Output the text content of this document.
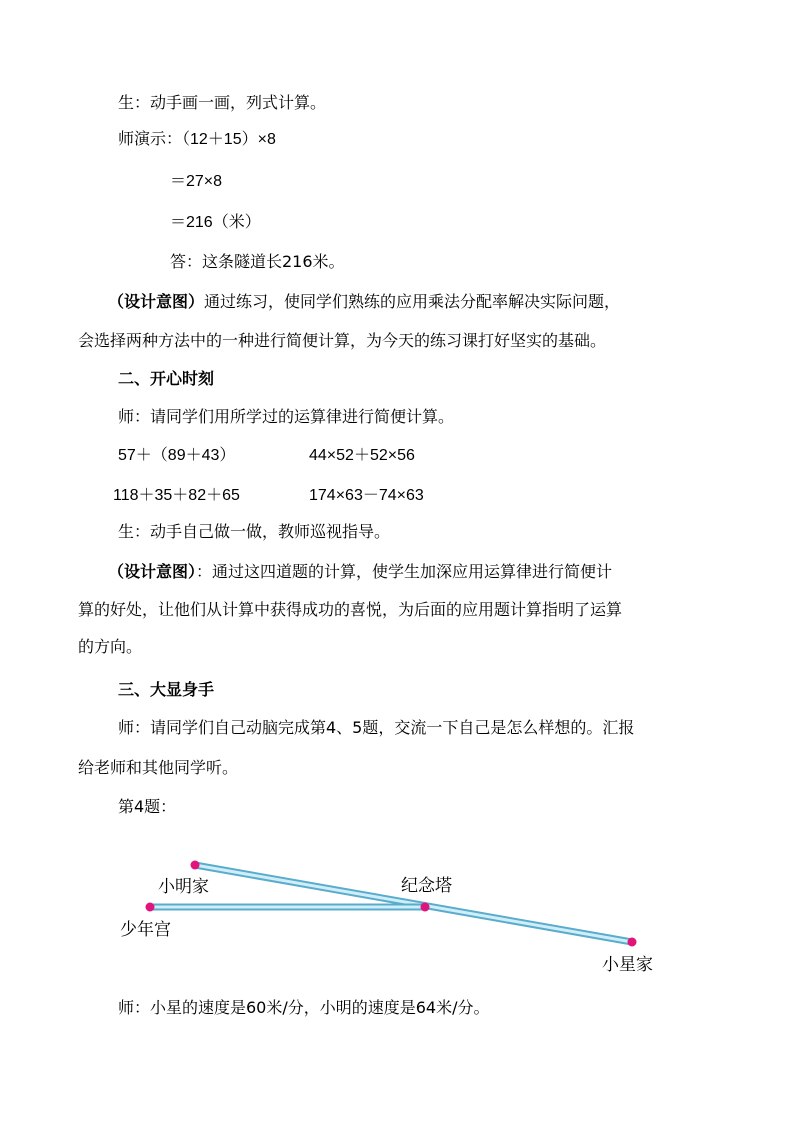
生：动手画一画，列式计算。
师演示：（12＋15）×8
＝27×8
＝216（米）
答：这条隧道长216米。
（设计意图）通过练习，使同学们熟练的应用乘法分配率解决实际问题，
会选择两种方法中的一种进行简便计算，为今天的练习课打好坚实的基础。
二、开心时刻
师：请同学们用所学过的运算律进行简便计算。
57＋（89＋43）	44×52＋52×56
118＋35＋82＋65	174×63－74×63
生：动手自己做一做，教师巡视指导。
（设计意图）：通过这四道题的计算，使学生加深应用运算律进行简便计
算的好处，让他们从计算中获得成功的喜悦，为后面的应用题计算指明了运算
的方向。
三、大显身手
师：请同学们自己动脑完成第4、5题，交流一下自己是怎么样想的。汇报
给老师和其他同学听。
第4题：
小明家	纪念塔
少年宫
小星家
师：小星的速度是60米/分，小明的速度是64米/分。
